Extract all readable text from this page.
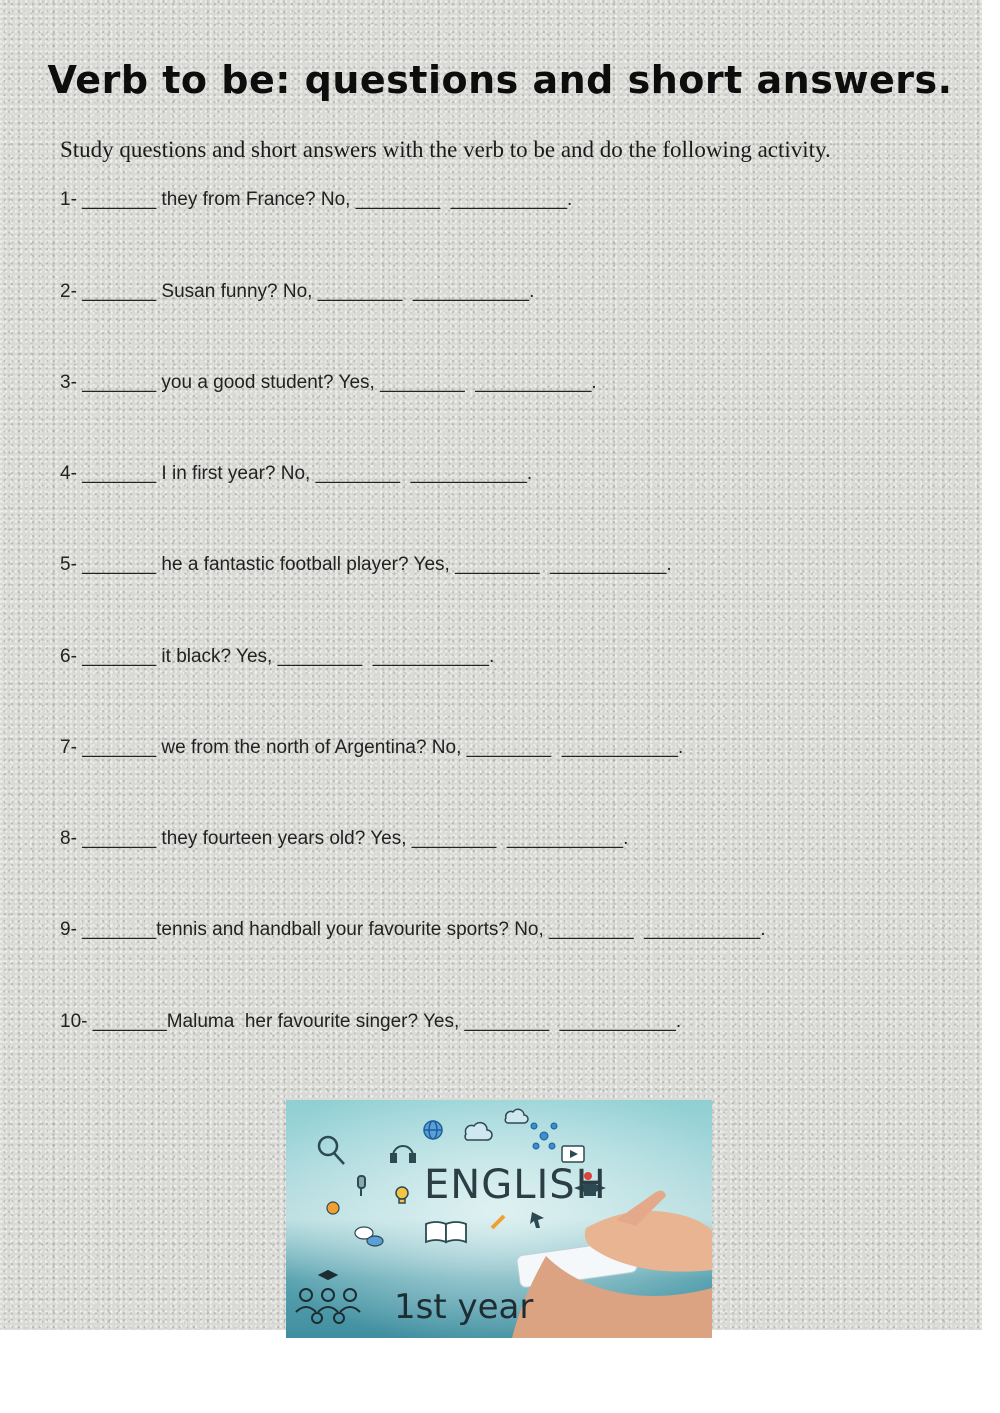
Verb to be: questions and short answers.

Study questions and short answers with the verb to be and do the following activity.

1- _______ they from France? No, ________  ___________.

2- _______ Susan funny? No, ________  ___________.

3- _______ you a good student? Yes, ________  ___________.

4- _______ I in first year? No, ________  ___________.

5- _______ he a fantastic football player? Yes, ________  ___________.

6- _______ it black? Yes, ________  ___________.

7- _______ we from the north of Argentina? No, ________  ___________.

8- _______ they fourteen years old? Yes, ________  ___________.

9- _______tennis and handball your favourite sports? No, ________  ___________.

10- _______Maluma  her favourite singer? Yes, ________  ___________.

ENGLISH
1st year
